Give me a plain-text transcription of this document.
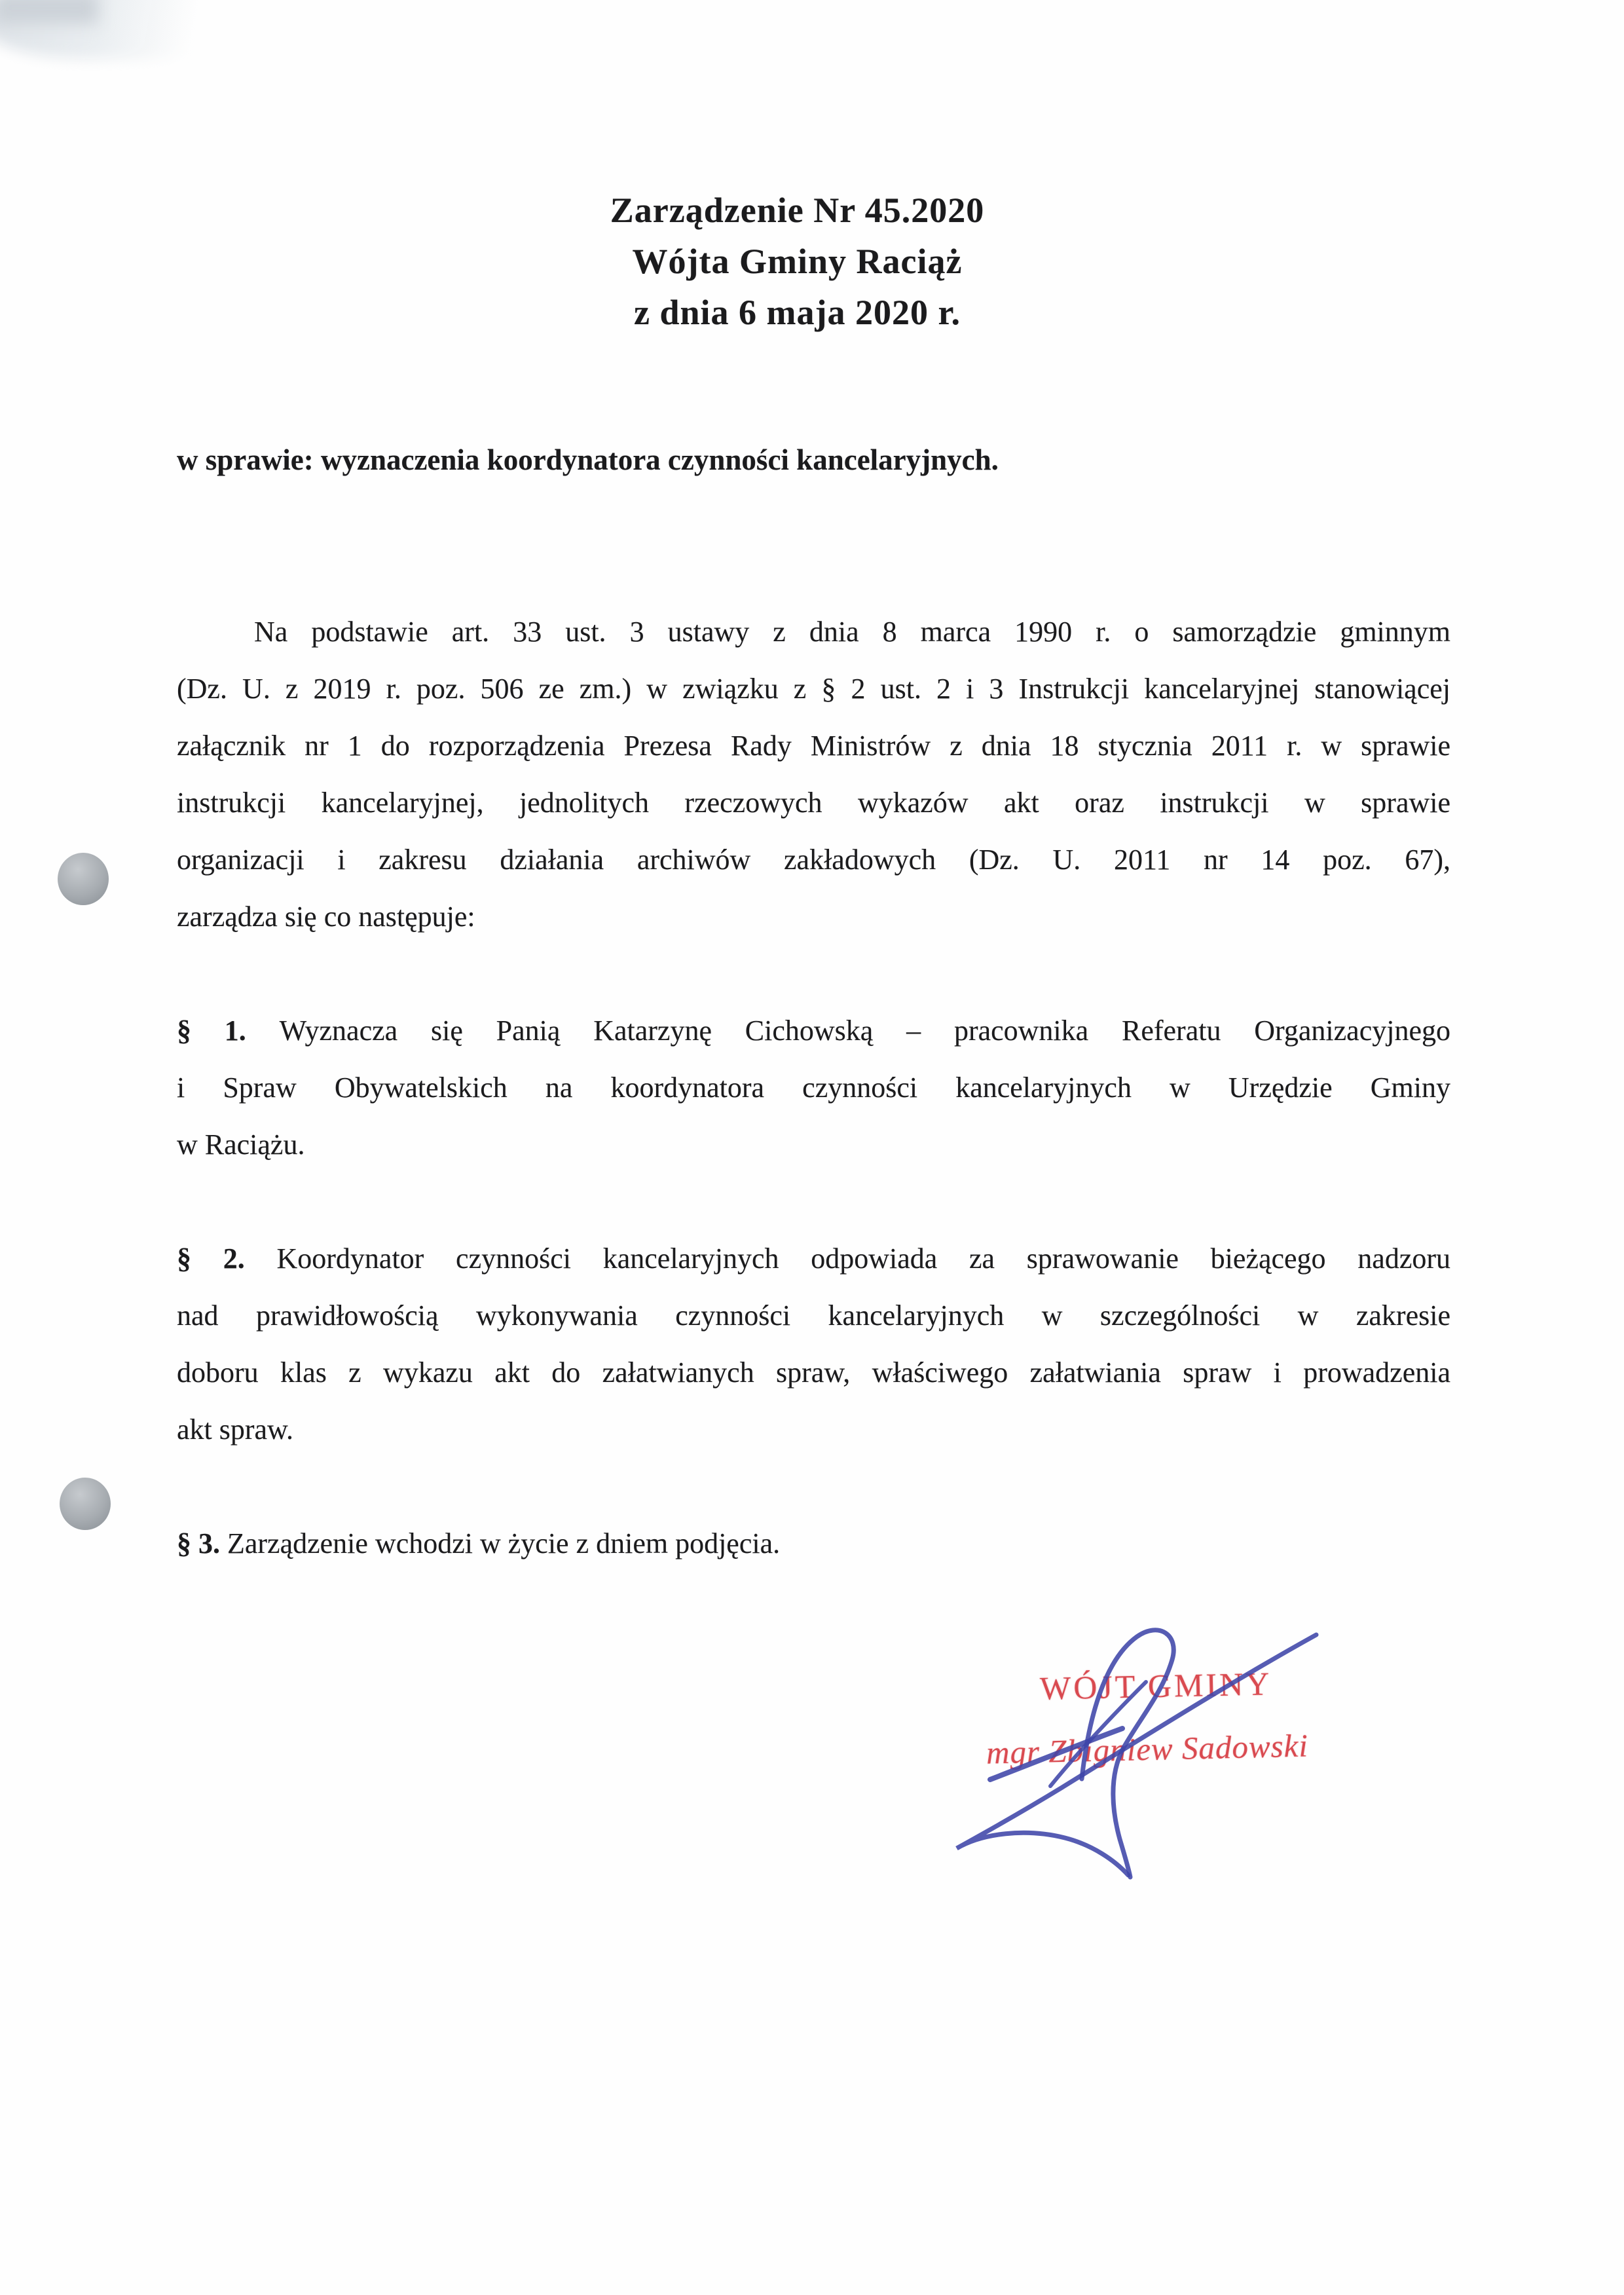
Zarządzenie Nr 45.2020
Wójta Gminy Raciąż
z dnia 6 maja 2020 r.
w sprawie: wyznaczenia koordynatora czynności kancelaryjnych.
Na podstawie art. 33 ust. 3 ustawy z dnia 8 marca 1990 r. o samorządzie gminnym
(Dz. U. z 2019 r. poz. 506 ze zm.) w związku z § 2 ust. 2 i 3 Instrukcji kancelaryjnej stanowiącej
załącznik nr 1 do rozporządzenia Prezesa Rady Ministrów z dnia 18 stycznia 2011 r. w sprawie
instrukcji kancelaryjnej, jednolitych rzeczowych wykazów akt oraz instrukcji w sprawie
organizacji i zakresu działania archiwów zakładowych (Dz. U. 2011 nr 14 poz. 67),
zarządza się co następuje:
§ 1. Wyznacza się Panią Katarzynę Cichowską – pracownika Referatu Organizacyjnego
i Spraw Obywatelskich na koordynatora czynności kancelaryjnych w Urzędzie Gminy
w Raciążu.
§ 2. Koordynator czynności kancelaryjnych odpowiada za sprawowanie bieżącego nadzoru
nad prawidłowością wykonywania czynności kancelaryjnych w szczególności w zakresie
doboru klas z wykazu akt do załatwianych spraw, właściwego załatwiania spraw i prowadzenia
akt spraw.
§ 3. Zarządzenie wchodzi w życie z dniem podjęcia.
WÓJT GMINY
mgr Zbigniew Sadowski
